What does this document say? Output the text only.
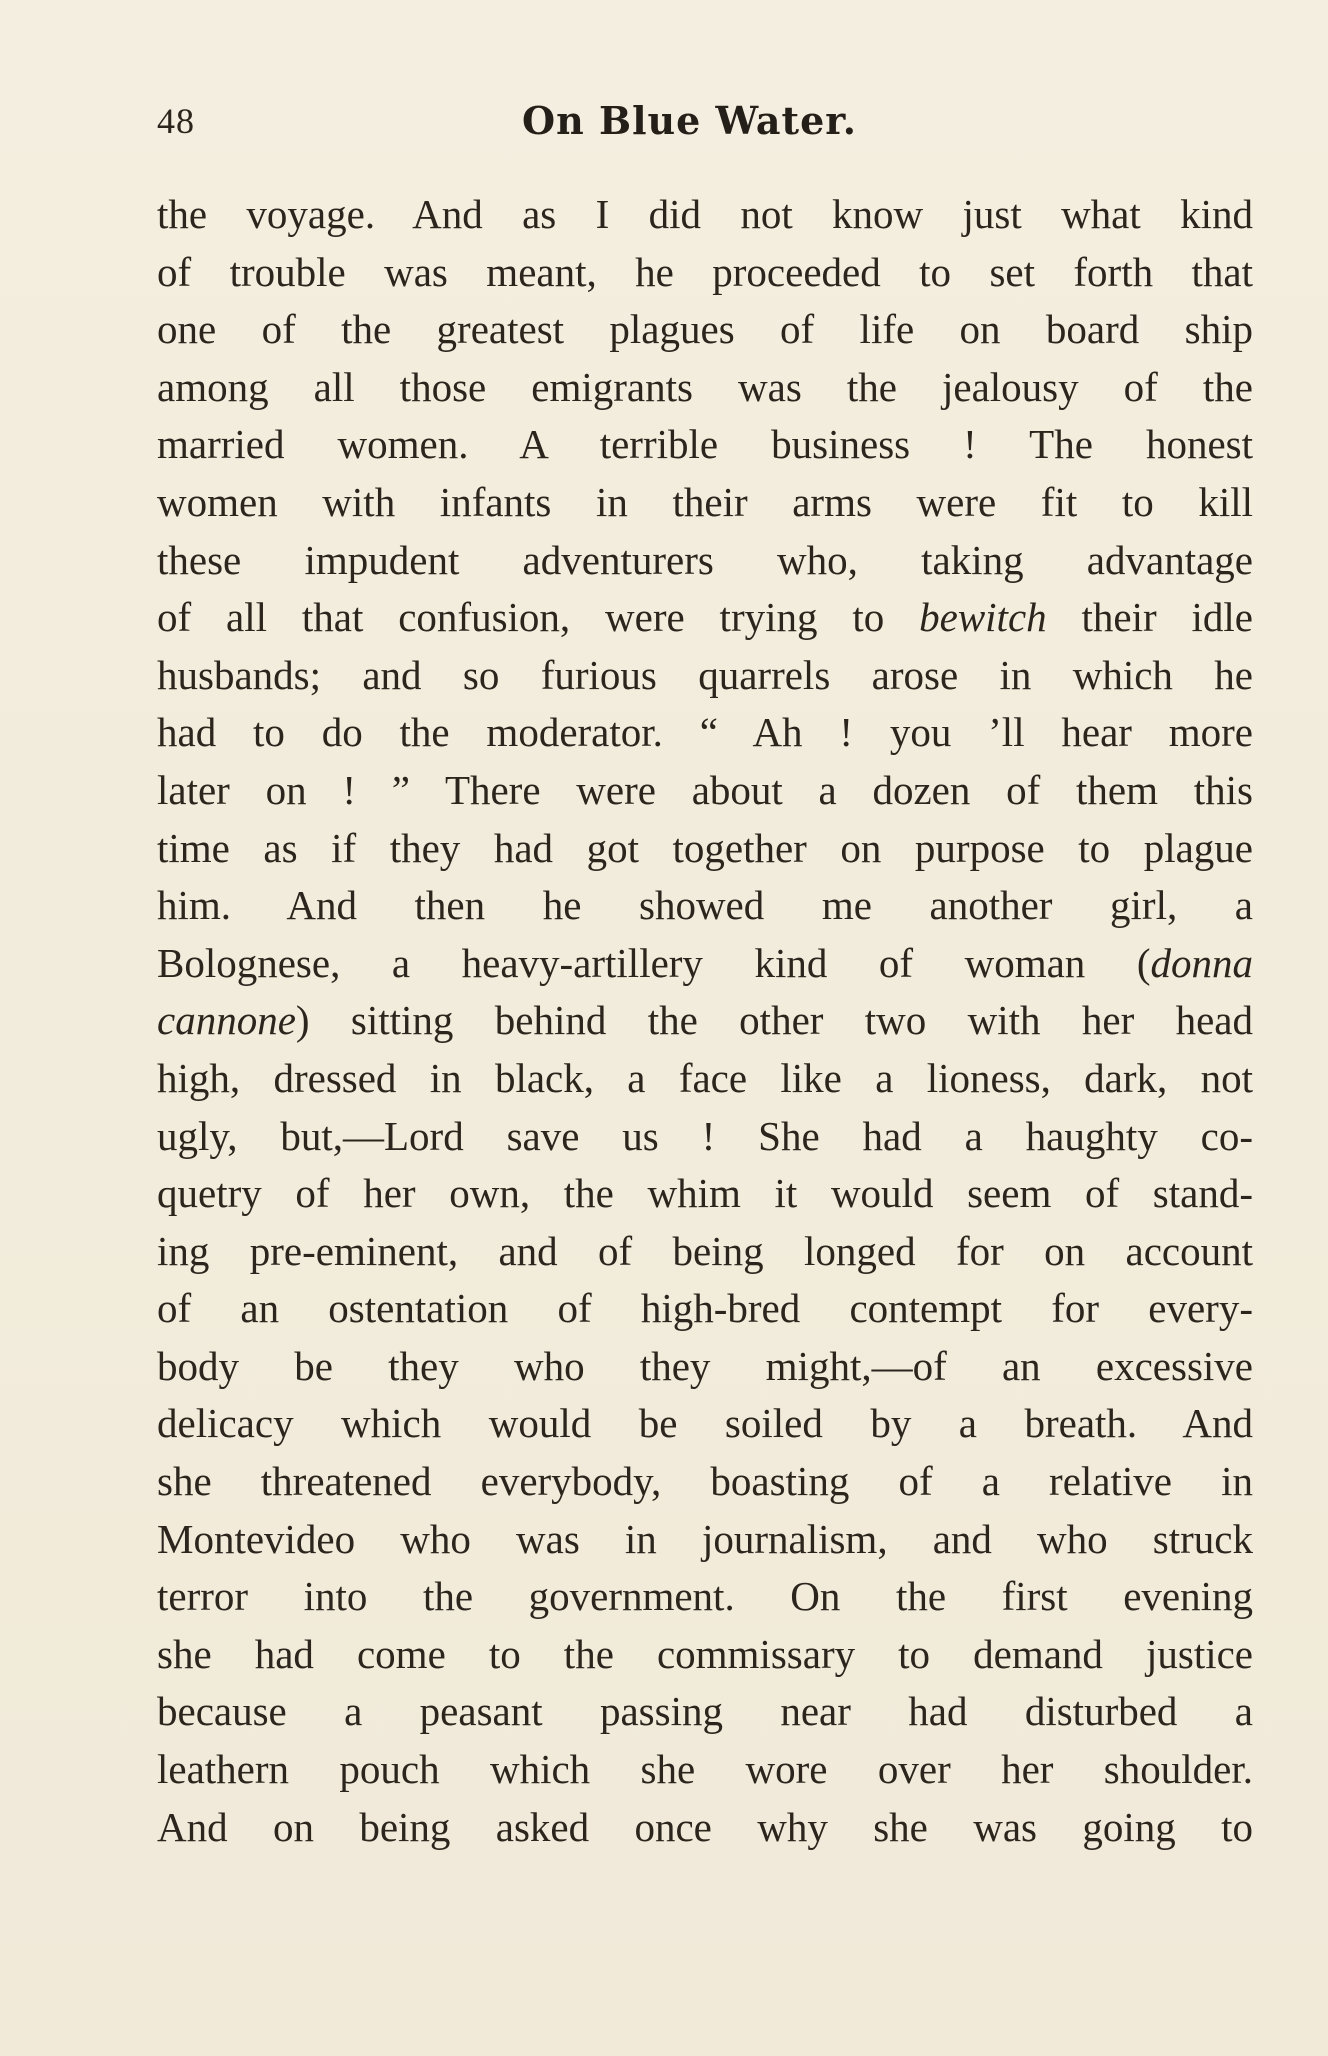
48	On Blue Water.
the voyage. And as I did not know just what kind
of trouble was meant, he proceeded to set forth that
one of the greatest plagues of life on board ship
among all those emigrants was the jealousy of the
married women. A terrible business ! The honest
women with infants in their arms were fit to kill
these impudent adventurers who, taking advantage
of all that confusion, were trying to bewitch their idle
husbands; and so furious quarrels arose in which he
had to do the moderator. “ Ah ! you ’ll hear more
later on ! ” There were about a dozen of them this
time as if they had got together on purpose to plague
him. And then he showed me another girl, a
Bolognese, a heavy-artillery kind of woman (donna
cannone) sitting behind the other two with her head
high, dressed in black, a face like a lioness, dark, not
ugly, but,—Lord save us ! She had a haughty co-
quetry of her own, the whim it would seem of stand-
ing pre-eminent, and of being longed for on account
of an ostentation of high-bred contempt for every-
body be they who they might,—of an excessive
delicacy which would be soiled by a breath. And
she threatened everybody, boasting of a relative in
Montevideo who was in journalism, and who struck
terror into the government. On the first evening
she had come to the commissary to demand justice
because a peasant passing near had disturbed a
leathern pouch which she wore over her shoulder.
And on being asked once why she was going to
